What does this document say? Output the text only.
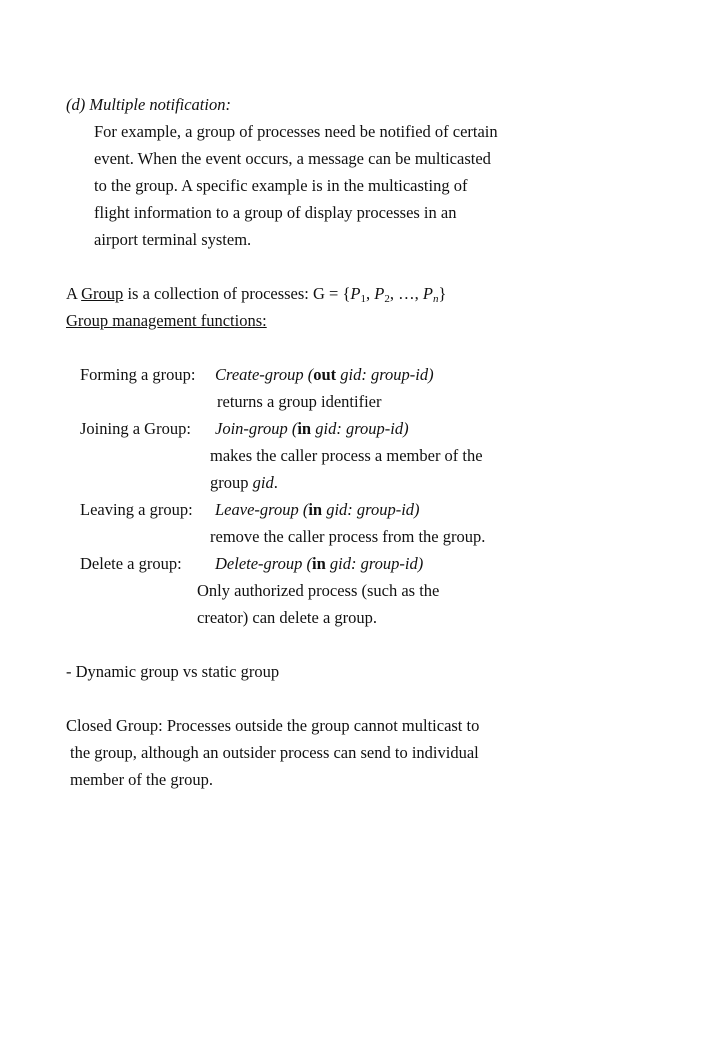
(d) Multiple notification:
For example, a group of processes need be notified of certain
event. When the event occurs, a message can be multicasted
to the group. A specific example is in the multicasting of
flight information to a group of display processes in an
airport terminal system.
A Group is a collection of processes: $G = \{P_1$, $P_2$, …, $P_n$}
Group management functions:
Forming a group: Create-group (out gid: group-id)
returns a group identifier
Joining a Group: Join-group (in gid: group-id)
makes the caller process a member of the
group gid.
Leaving a group: Leave-group (in gid: group-id)
remove the caller process from the group.
Delete a group: Delete-group (in gid: group-id)
Only authorized process (such as the
creator) can delete a group.
- Dynamic group vs static group
Closed Group: Processes outside the group cannot multicast to
the group, although an outsider process can send to individual
member of the group.
